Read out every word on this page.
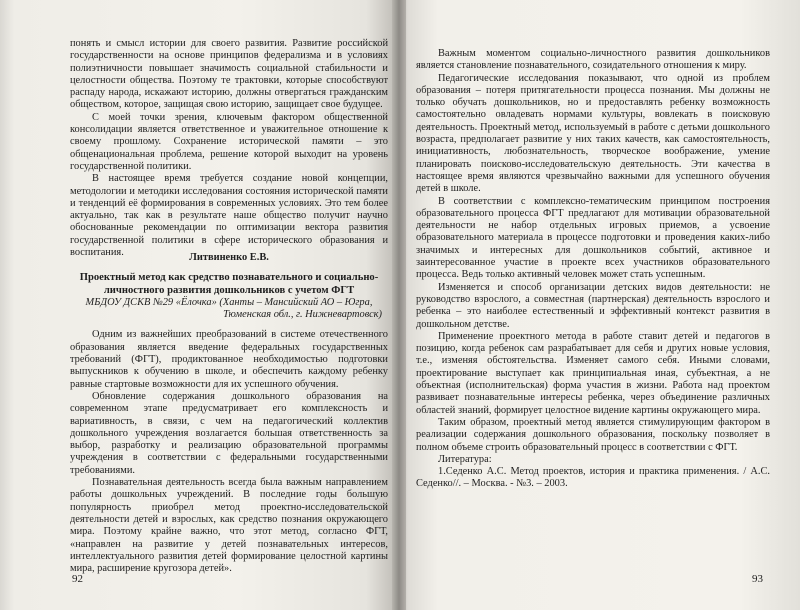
понять и смысл истории для своего развития. Развитие российской государственности на основе принципов федерализма и в условиях полиэтничности повышает значимость социальной стабильности и целостности общества. Поэтому те трактовки, которые способствуют распаду народа, искажают историю, должны отвергаться гражданским обществом, которое, защищая свою историю, защищает свое будущее.

С моей точки зрения, ключевым фактором общественной консолидации является ответственное и уважительное отношение к своему прошлому. Сохранение исторической памяти – это общенациональная проблема, решение которой выходит на уровень государственной политики.

В настоящее время требуется создание новой концепции, методологии и методики исследования состояния исторической памяти и тенденций её формирования в современных условиях. Это тем более актуально, так как в результате наше общество получит научно обоснованные рекомендации по оптимизации вектора развития государственной политики в сфере исторического образования и воспитания.	Литвиненко Е.В.

Проектный метод как средство познавательного и социально-личностного развития дошкольников с учетом ФГТ

МБДОУ ДСКВ №29 «Ёлочка» (Ханты – Мансийский АО – Югра,

Тюменская обл., г. Нижневартовск)

Одним из важнейших преобразований в системе отечественного образования является введение федеральных государственных требований (ФГТ), продиктованное необходимостью подготовки выпускников к обучению в школе, и обеспечить каждому ребенку равные стартовые возможности для их успешного обучения.

Обновление содержания дошкольного образования на современном этапе предусматривает его комплексность и вариативность, в связи, с чем на педагогический коллектив дошкольного учреждения возлагается большая ответственность за выбор, разработку и реализацию образовательной программы учреждения в соответствии с федеральными государственными требованиями.

Познавательная деятельность всегда была важным направлением работы дошкольных учреждений. В последние годы большую популярность приобрел метод проектно-исследовательской деятельности детей и взрослых, как средство познания окружающего мира. Поэтому крайне важно, что этот метод, согласно ФГТ, «направлен на развитие у детей познавательных интересов, интеллектуального развития детей формирование целостной картины мира, расширение кругозора детей».

92

Важным моментом социально-личностного развития дошкольников является становление познавательного, созидательного отношения к миру.

Педагогические исследования показывают, что одной из проблем образования – потеря притягательности процесса познания. Мы должны не только обучать дошкольников, но и предоставлять ребенку возможность самостоятельно овладевать нормами культуры, вовлекать в поисковую деятельность. Проектный метод, используемый в работе с детьми дошкольного возраста, предполагает развитие у них таких качеств, как самостоятельность, инициативность, любознательность, творческое воображение, умение планировать поисково-исследовательскую деятельность. Эти качества в настоящее время являются чрезвычайно важными для успешного обучения детей в школе.

В соответствии с комплексно-тематическим принципом построения образовательного процесса ФГТ предлагают для мотивации образовательной деятельности не набор отдельных игровых приемов, а усвоение образовательного материала в процессе подготовки и проведения каких-либо значимых и интересных для дошкольников событий, активное и заинтересованное участие в проекте всех участников образовательного процесса. Ведь только активный человек может стать успешным.

Изменяется и способ организации детских видов деятельности: не руководство взрослого, а совместная (партнерская) деятельность взрослого и ребенка – это наиболее естественный и эффективный контекст развития в дошкольном детстве.

Применение проектного метода в работе ставит детей и педагогов в позицию, когда ребенок сам разрабатывает для себя и других новые условия, т.е., изменяя обстоятельства. Изменяет самого себя. Иными словами, проектирование выступает как принципиальная иная, субъектная, а не объектная (исполнительская) форма участия в жизни. Работа над проектом развивает познавательные интересы ребенка, через объединение различных областей знаний, формирует целостное видение картины окружающего мира.

Таким образом, проектный метод является стимулирующим фактором в реализации содержания дошкольного образования, поскольку позволяет в полном объеме строить образовательный процесс в соответствии с ФГТ.

Литература:

1.Седенко А.С. Метод проектов, история и практика применения. / А.С. Седенко//. – Москва. - №3. – 2003.

93
